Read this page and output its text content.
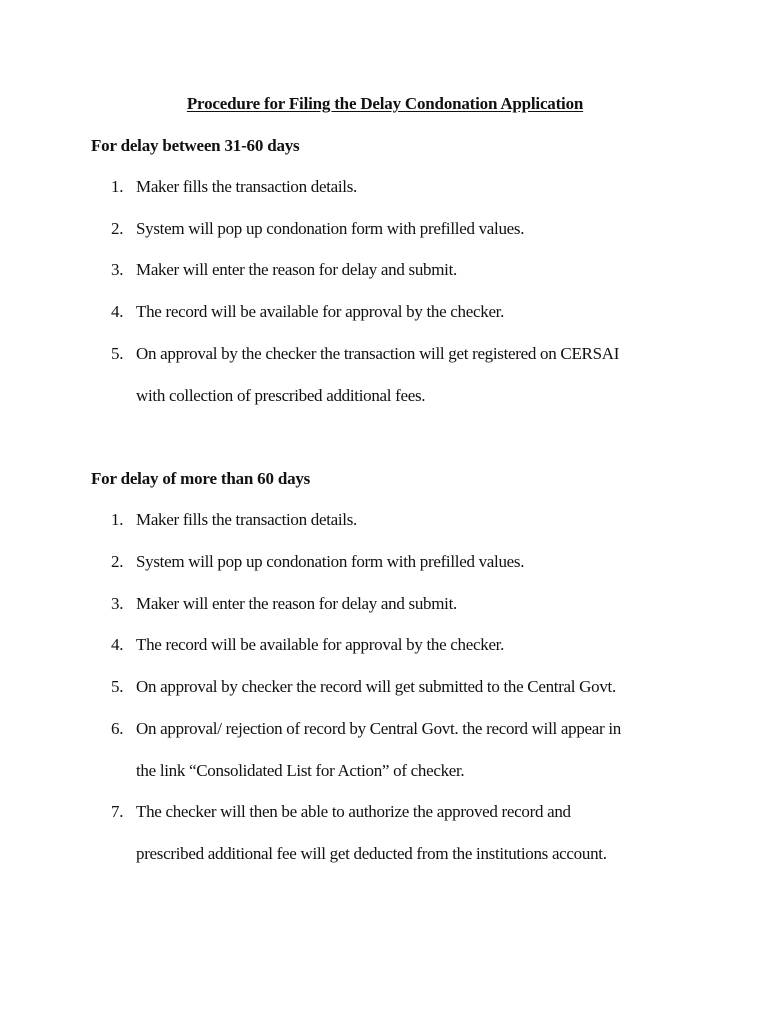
Procedure for Filing the Delay Condonation Application
For delay between 31-60 days
1. Maker fills the transaction details.
2. System will pop up condonation form with prefilled values.
3. Maker will enter the reason for delay and submit.
4. The record will be available for approval by the checker.
5. On approval by the checker the transaction will get registered on CERSAI
with collection of prescribed additional fees.
For delay of more than 60 days
1. Maker fills the transaction details.
2. System will pop up condonation form with prefilled values.
3. Maker will enter the reason for delay and submit.
4. The record will be available for approval by the checker.
5. On approval by checker the record will get submitted to the Central Govt.
6. On approval/ rejection of record by Central Govt. the record will appear in
the link “Consolidated List for Action” of checker.
7. The checker will then be able to authorize the approved record and
prescribed additional fee will get deducted from the institutions account.
